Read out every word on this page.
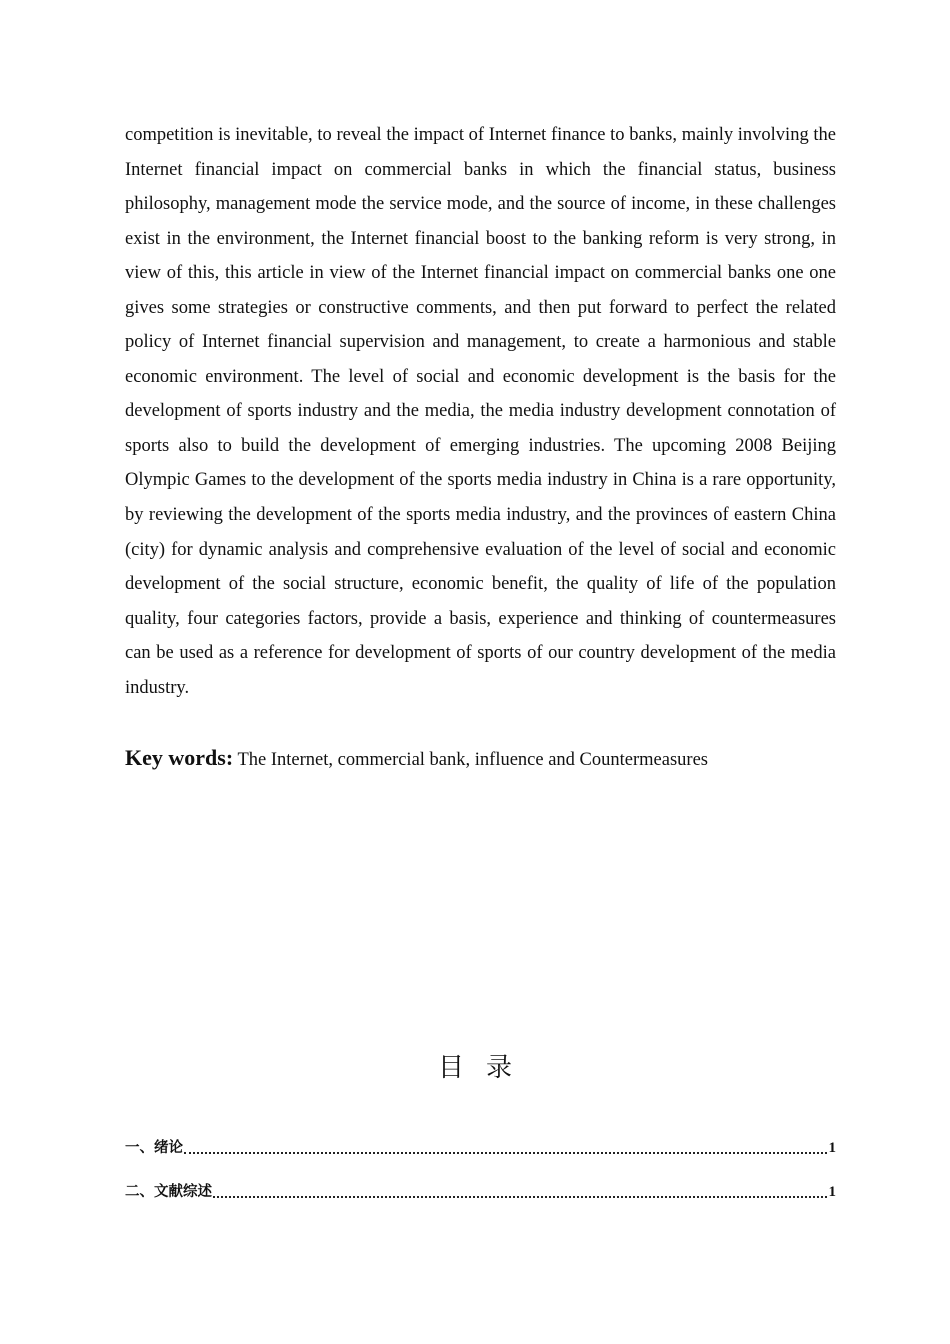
competition is inevitable, to reveal the impact of Internet finance to banks, mainly involving the Internet financial impact on commercial banks in which the financial status, business philosophy, management mode the service mode, and the source of income, in these challenges exist in the environment, the Internet financial boost to the banking reform is very strong, in view of this, this article in view of the Internet financial impact on commercial banks one one gives some strategies or constructive comments, and then put forward to perfect the related policy of Internet financial supervision and management, to create a harmonious and stable economic environment. The level of social and economic development is the basis for the development of sports industry and the media, the media industry development connotation of sports also to build the development of emerging industries. The upcoming 2008 Beijing Olympic Games to the development of the sports media industry in China is a rare opportunity, by reviewing the development of the sports media industry, and the provinces of eastern China (city) for dynamic analysis and comprehensive evaluation of the level of social and economic development of the social structure, economic benefit, the quality of life of the population quality, four categories factors, provide a basis, experience and thinking of countermeasures can be used as a reference for development of sports of our country development of the media industry.

Key words: The Internet, commercial bank, influence and Countermeasures

目 录
一、绪论	1
二、文献综述	1
